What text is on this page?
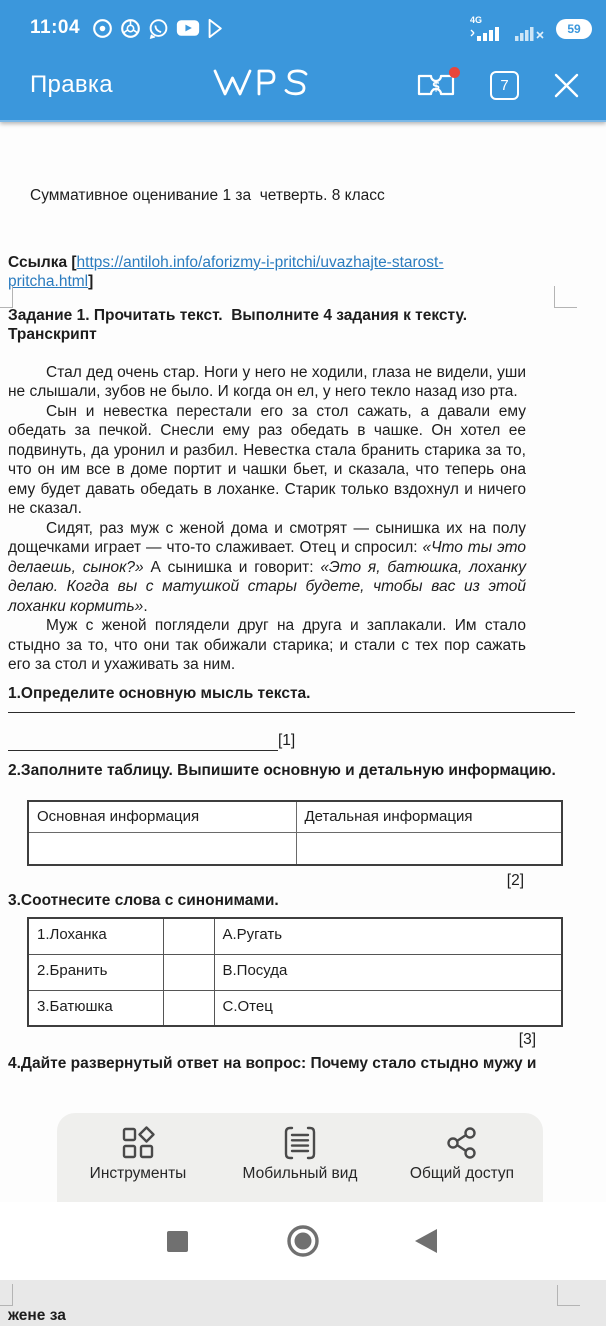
11:04	4G
59
Правка	$	7
Суммативное оценивание 1 за  четверть. 8 класс
Ссылка [https://antiloh.info/aforizmy-i-pritchi/uvazhajte-starost-
pritcha.html]
Задание 1. Прочитать текст.  Выполните 4 задания к тексту.
Транскрипт

Стал дед очень стар. Ноги у него не ходили, глаза не видели, уши не слышали, зубов не было. И когда он ел, у него текло назад изо рта.

Сын и невестка перестали его за стол сажать, а давали ему обедать за печкой. Снесли ему раз обедать в чашке. Он хотел ее подвинуть, да уронил и разбил. Невестка стала бранить старика за то, что он им все в доме портит и чашки бьет, и сказала, что теперь она ему будет давать обедать в лоханке. Старик только вздохнул и ничего не сказал.

Сидят, раз муж с женой дома и смотрят — сынишка их на полу дощечками играет — что-то слаживает. Отец и спросил: «Что ты это делаешь, сынок?» А сынишка и говорит: «Это я, батюшка, лоханку делаю. Когда вы с матушкой стары будете, чтобы вас из этой лоханки кормить».

Муж с женой поглядели друг на друга и заплакали. Им стало стыдно за то, что они так обижали старика; и стали с тех пор сажать его за стол и ухаживать за ним.

1.Определите основную мысль текста.
[1]
2.Заполните таблицу. Выпишите основную и детальную информацию.
Основная информация	Детальная информация

[2]
3.Соотнесите слова с синонимами.
1.Лоханка		А.Ругать
2.Бранить		В.Посуда
3.Батюшка		С.Отец
[3]
4.Дайте развернутый ответ на вопрос: Почему стало стыдно мужу и
жене за
Инструменты	Мобильный вид	Общий доступ
